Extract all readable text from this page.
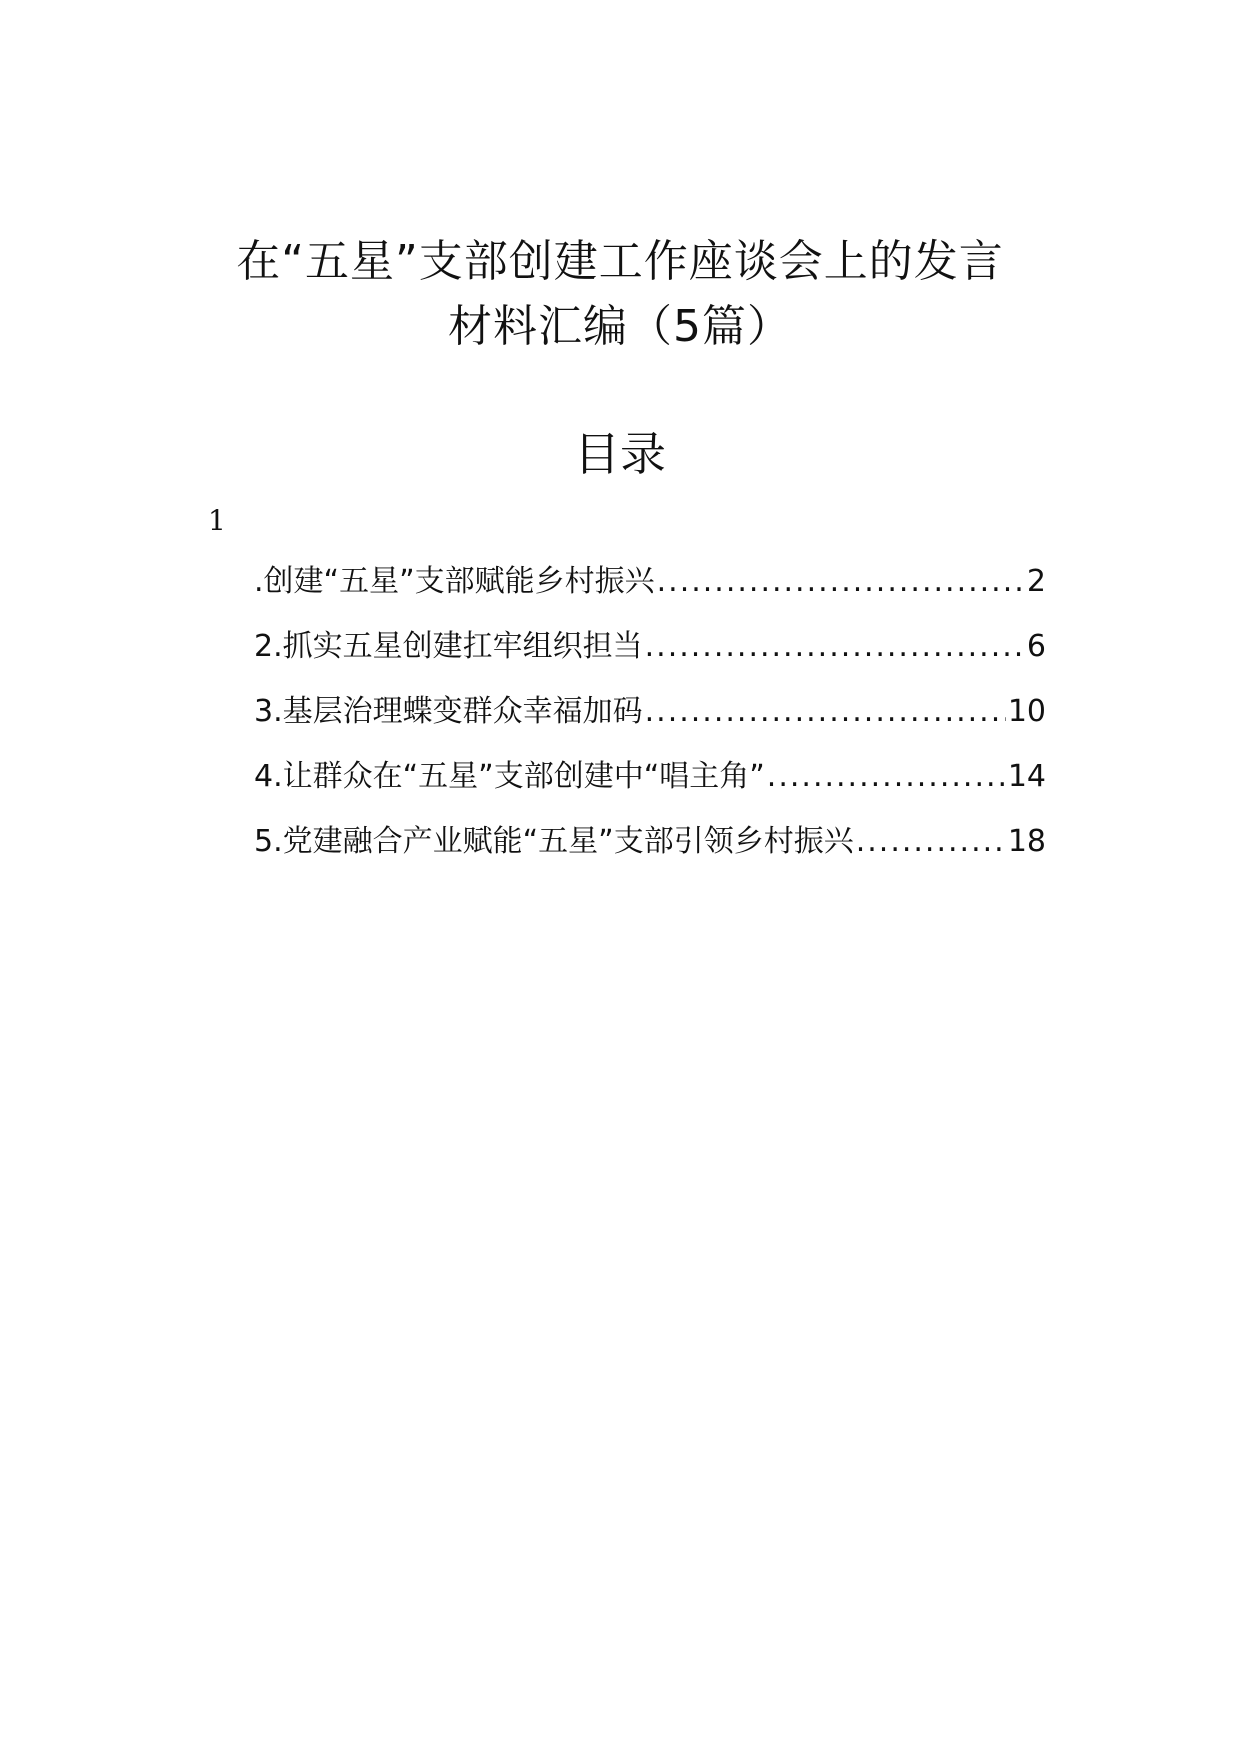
在“五星”支部创建工作座谈会上的发言
材料汇编（5篇）
目录
1
.创建“五星”支部赋能乡村振兴 .....	2
2.抓实五星创建扛牢组织担当 .....	6
3.基层治理蝶变群众幸福加码 .....	10
4.让群众在“五星”支部创建中“唱主角” .....	14
5.党建融合产业赋能“五星”支部引领乡村振兴 .....	18
